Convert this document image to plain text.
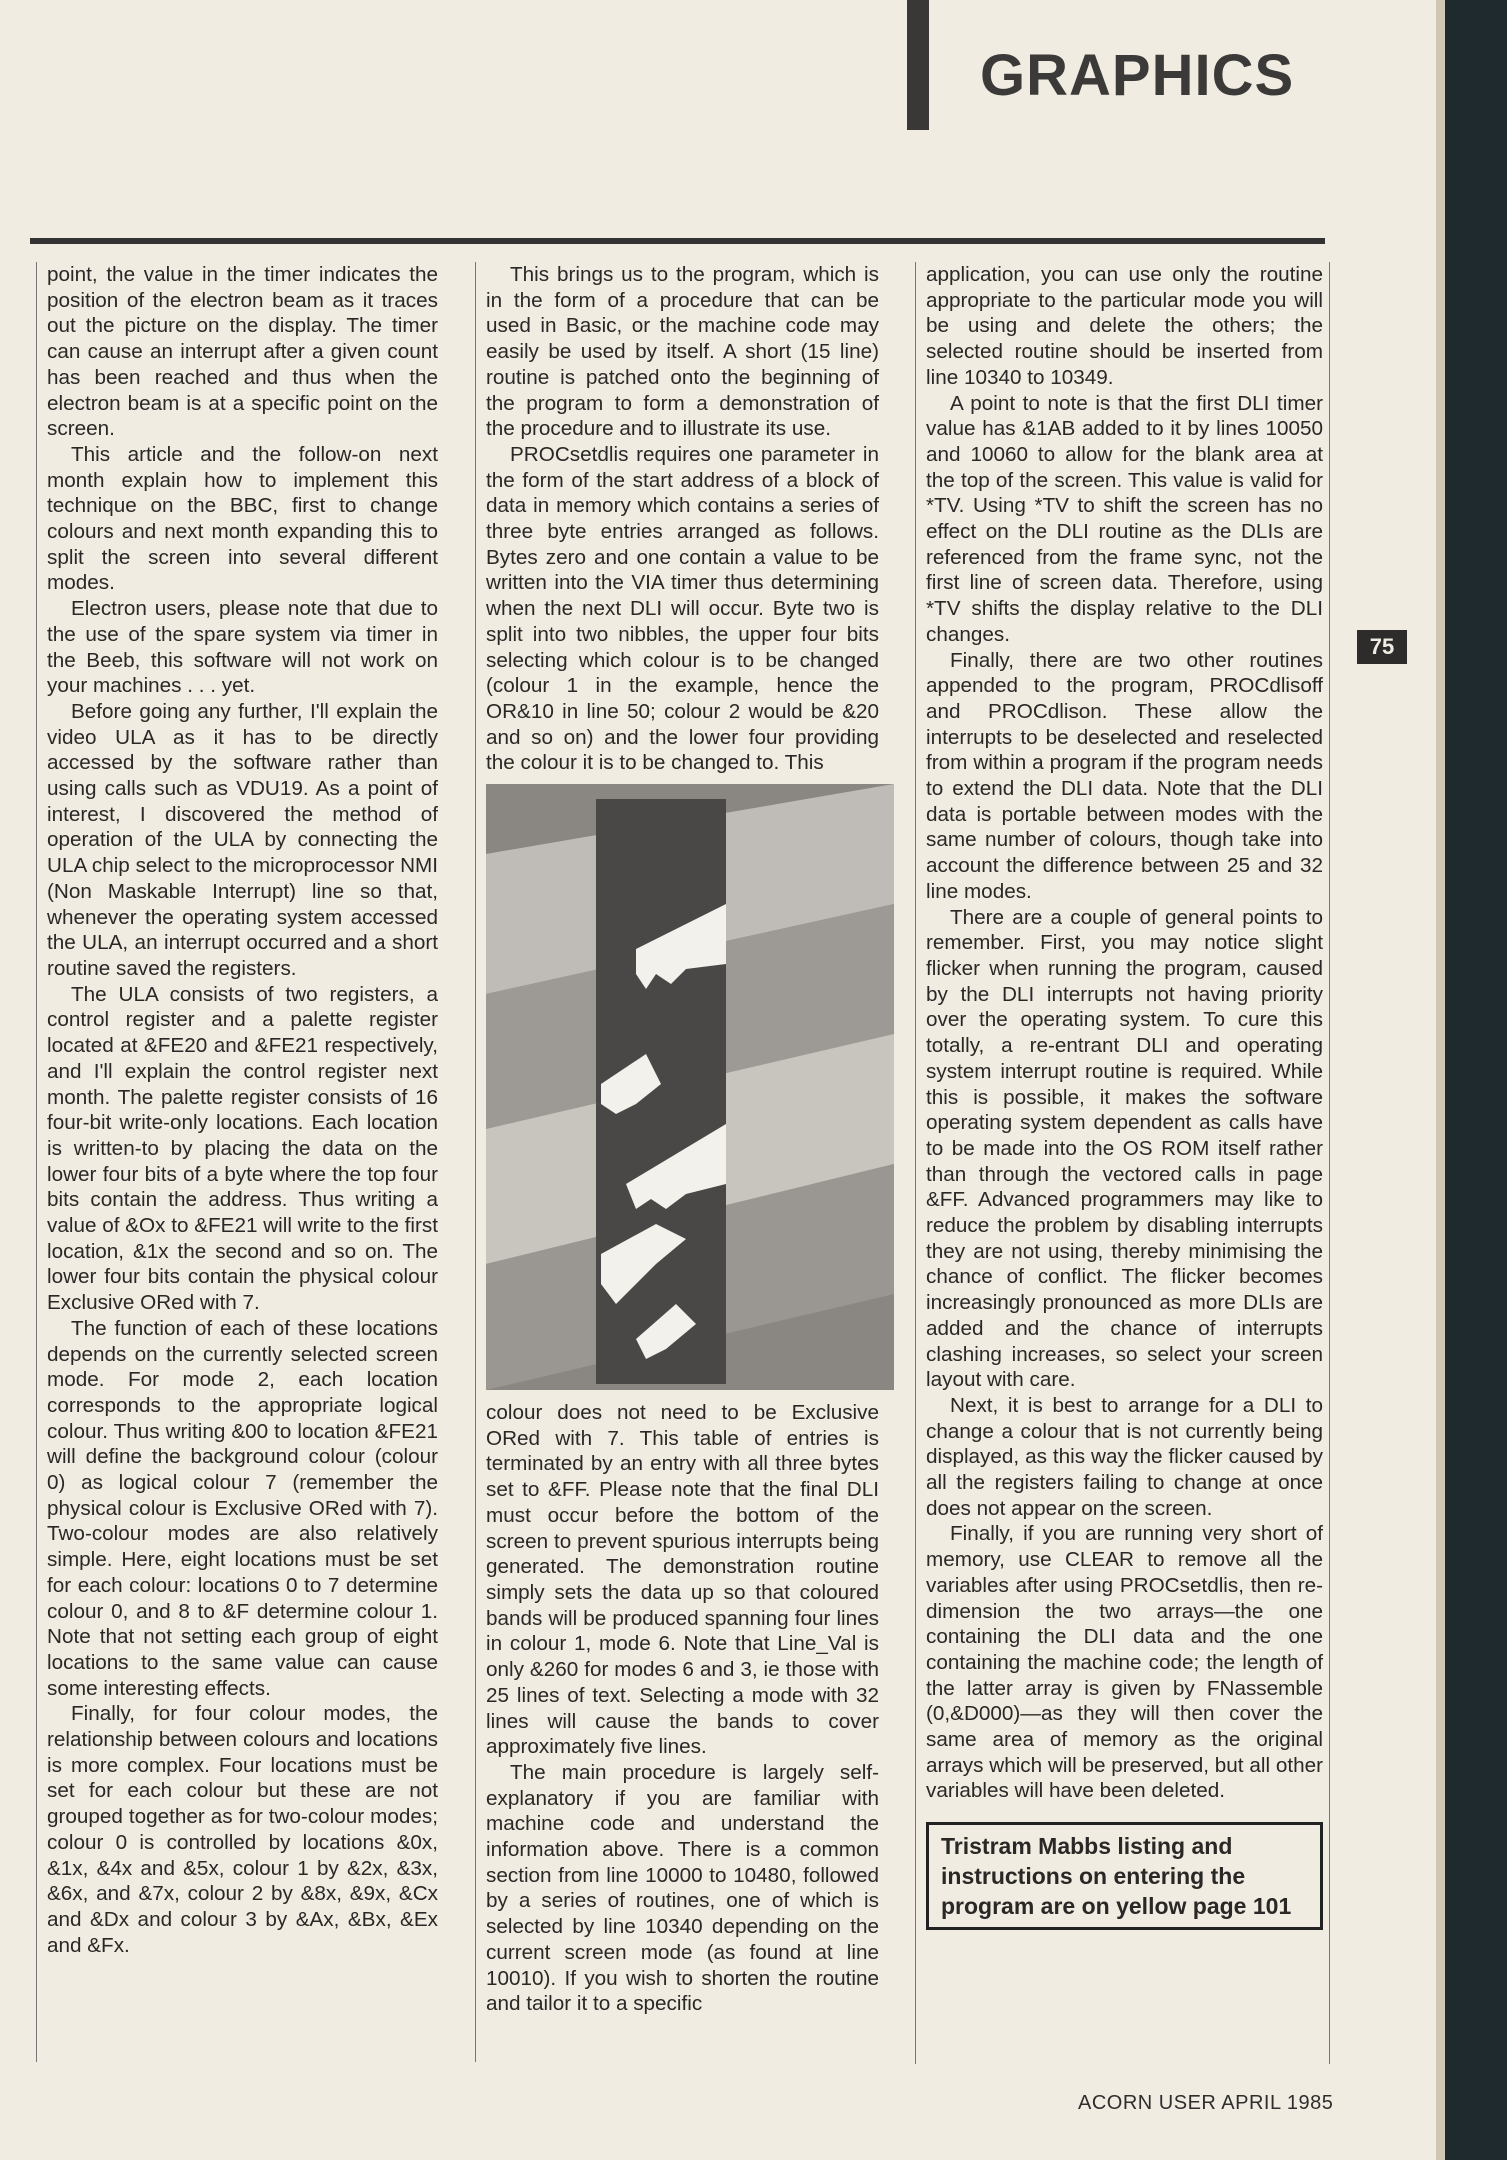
GRAPHICS

point, the value in the timer indicates the position of the electron beam as it traces out the picture on the display. The timer can cause an interrupt after a given count has been reached and thus when the electron beam is at a specific point on the screen.

This article and the follow-on next month explain how to implement this technique on the BBC, first to change colours and next month expanding this to split the screen into several different modes.

Electron users, please note that due to the use of the spare system via timer in the Beeb, this software will not work on your machines . . . yet.

Before going any further, I'll explain the video ULA as it has to be directly accessed by the software rather than using calls such as VDU19. As a point of interest, I discovered the method of operation of the ULA by connecting the ULA chip select to the microprocessor NMI (Non Maskable Interrupt) line so that, whenever the operating system accessed the ULA, an interrupt occurred and a short routine saved the registers.

The ULA consists of two registers, a control register and a palette register located at &FE20 and &FE21 respectively, and I'll explain the control register next month. The palette register consists of 16 four-bit write-only locations. Each location is written-to by placing the data on the lower four bits of a byte where the top four bits contain the address. Thus writing a value of &Ox to &FE21 will write to the first location, &1x the second and so on. The lower four bits contain the physical colour Exclusive ORed with 7.

The function of each of these locations depends on the currently selected screen mode. For mode 2, each location corresponds to the appropriate logical colour. Thus writing &00 to location &FE21 will define the background colour (colour 0) as logical colour 7 (remember the physical colour is Exclusive ORed with 7). Two-colour modes are also relatively simple. Here, eight locations must be set for each colour: locations 0 to 7 determine colour 0, and 8 to &F determine colour 1. Note that not setting each group of eight locations to the same value can cause some interesting effects.

Finally, for four colour modes, the relationship between colours and locations is more complex. Four locations must be set for each colour but these are not grouped together as for two-colour modes; colour 0 is controlled by locations &0x, &1x, &4x and &5x, colour 1 by &2x, &3x, &6x, and &7x, colour 2 by &8x, &9x, &Cx and &Dx and colour 3 by &Ax, &Bx, &Ex and &Fx.

This brings us to the program, which is in the form of a procedure that can be used in Basic, or the machine code may easily be used by itself. A short (15 line) routine is patched onto the beginning of the program to form a demonstration of the procedure and to illustrate its use.

PROCsetdlis requires one parameter in the form of the start address of a block of data in memory which contains a series of three byte entries arranged as follows. Bytes zero and one contain a value to be written into the VIA timer thus determining when the next DLI will occur. Byte two is split into two nibbles, the upper four bits selecting which colour is to be changed (colour 1 in the example, hence the OR&10 in line 50; colour 2 would be &20 and so on) and the lower four providing the colour it is to be changed to. This

colour does not need to be Exclusive ORed with 7. This table of entries is terminated by an entry with all three bytes set to &FF. Please note that the final DLI must occur before the bottom of the screen to prevent spurious interrupts being generated. The demonstration routine simply sets the data up so that coloured bands will be produced spanning four lines in colour 1, mode 6. Note that Line_Val is only &260 for modes 6 and 3, ie those with 25 lines of text. Selecting a mode with 32 lines will cause the bands to cover approximately five lines.

The main procedure is largely self-explanatory if you are familiar with machine code and understand the information above. There is a common section from line 10000 to 10480, followed by a series of routines, one of which is selected by line 10340 depending on the current screen mode (as found at line 10010). If you wish to shorten the routine and tailor it to a specific

application, you can use only the routine appropriate to the particular mode you will be using and delete the others; the selected routine should be inserted from line 10340 to 10349.

A point to note is that the first DLI timer value has &1AB added to it by lines 10050 and 10060 to allow for the blank area at the top of the screen. This value is valid for *TV. Using *TV to shift the screen has no effect on the DLI routine as the DLIs are referenced from the frame sync, not the first line of screen data. Therefore, using *TV shifts the display relative to the DLI changes.

Finally, there are two other routines appended to the program, PROCdlisoff and PROCdlison. These allow the interrupts to be deselected and reselected from within a program if the program needs to extend the DLI data. Note that the DLI data is portable between modes with the same number of colours, though take into account the difference between 25 and 32 line modes.

There are a couple of general points to remember. First, you may notice slight flicker when running the program, caused by the DLI interrupts not having priority over the operating system. To cure this totally, a re-entrant DLI and operating system interrupt routine is required. While this is possible, it makes the software operating system dependent as calls have to be made into the OS ROM itself rather than through the vectored calls in page &FF. Advanced programmers may like to reduce the problem by disabling interrupts they are not using, thereby minimising the chance of conflict. The flicker becomes increasingly pronounced as more DLIs are added and the chance of interrupts clashing increases, so select your screen layout with care.

Next, it is best to arrange for a DLI to change a colour that is not currently being displayed, as this way the flicker caused by all the registers failing to change at once does not appear on the screen.

Finally, if you are running very short of memory, use CLEAR to remove all the variables after using PROCsetdlis, then re-dimension the two arrays—the one containing the DLI data and the one containing the machine code; the length of the latter array is given by FNassemble (0,&D000)—as they will then cover the same area of memory as the original arrays which will be preserved, but all other variables will have been deleted.

Tristram Mabbs listing and instructions on entering the program are on yellow page 101
75
ACORN USER APRIL 1985
